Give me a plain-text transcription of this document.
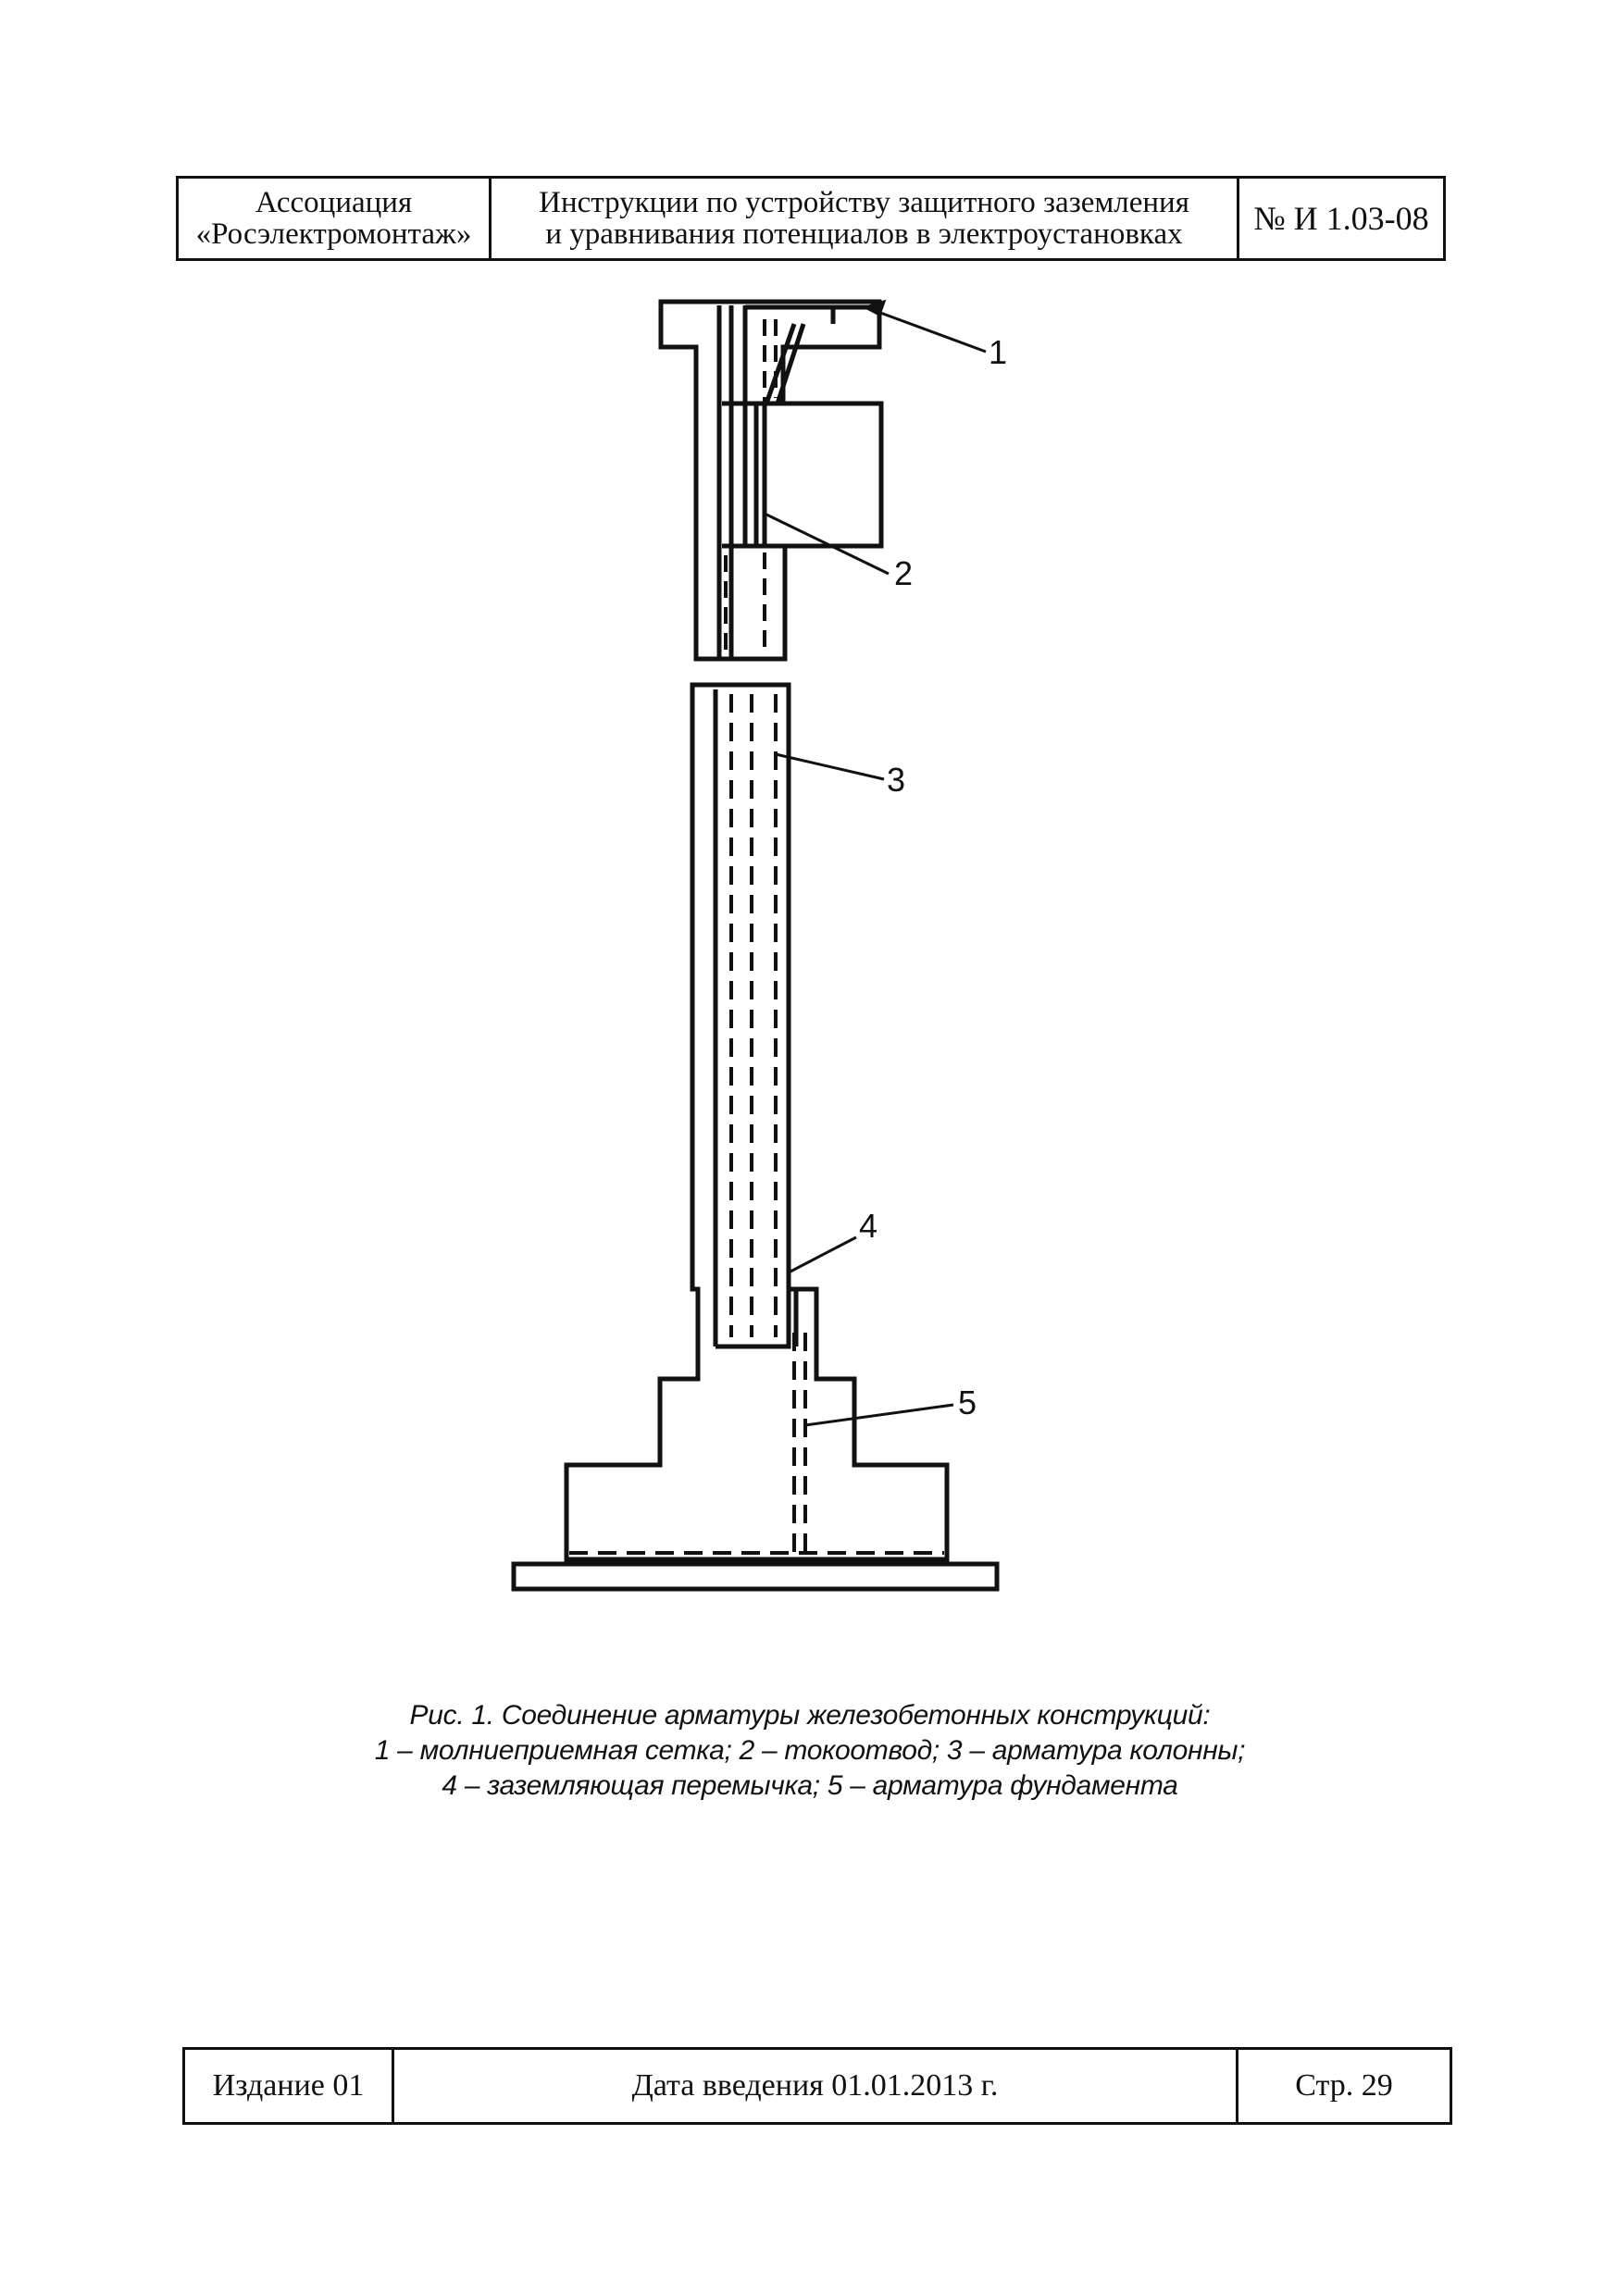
Ассоциация
«Росэлектромонтаж»
Инструкции по устройству защитного заземления
и уравнивания потенциалов в электроустановках № И 1.03-08
1
2
3
4
5
Рис. 1. Соединение арматуры железобетонных конструкций:
1 – молниеприемная сетка; 2 – токоотвод; 3 – арматура колонны;
4 – заземляющая перемычка; 5 – арматура фундамента
Издание 01	Дата введения 01.01.2013 г.	Стр. 29
